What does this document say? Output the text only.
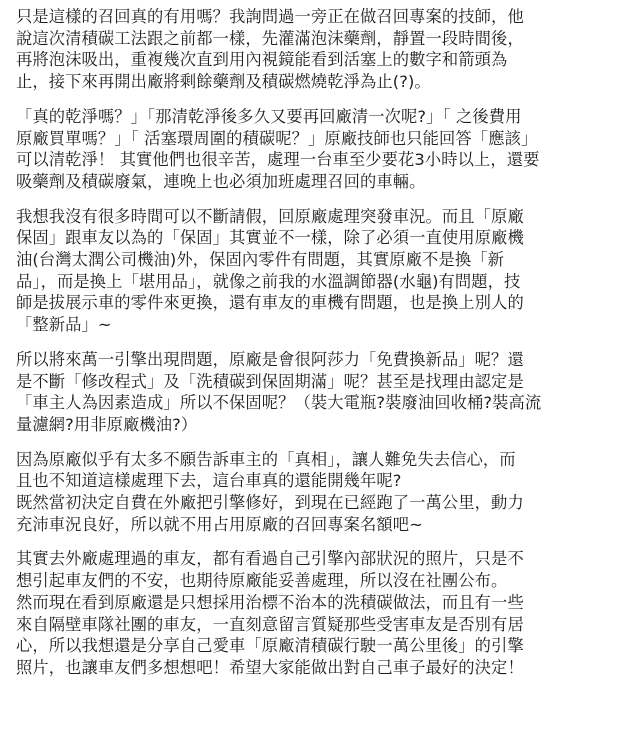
只是這樣的召回真的有用嗎？我詢問過一旁正在做召回專案的技師，他
說這次清積碳工法跟之前都一樣，先灌滿泡沫藥劑，靜置一段時間後，
再將泡沫吸出，重複幾次直到用內視鏡能看到活塞上的數字和箭頭為
止，接下來再開出廠將剩餘藥劑及積碳燃燒乾淨為止(?)。

「真的乾淨嗎？」「那清乾淨後多久又要再回廠清一次呢?」「 之後費用
原廠買單嗎？」「 活塞環周圍的積碳呢？」原廠技師也只能回答「應該」
可以清乾淨！ 其實他們也很辛苦，處理一台車至少要花3小時以上，還要
吸藥劑及積碳廢氣，連晚上也必須加班處理召回的車輛。

我想我沒有很多時間可以不斷請假，回原廠處理突發車況。而且「原廠
保固」跟車友以為的「保固」其實並不一樣，除了必須一直使用原廠機
油(台灣太潤公司機油)外，保固內零件有問題，其實原廠不是換「新
品」，而是換上「堪用品」，就像之前我的水溫調節器(水龜)有問題，技
師是拔展示車的零件來更換，還有車友的車機有問題，也是換上別人的
「整新品」~

所以將來萬一引擎出現問題，原廠是會很阿莎力「免費換新品」呢？還
是不斷「修改程式」及「洗積碳到保固期滿」呢？甚至是找理由認定是
「車主人為因素造成」所以不保固呢？（裝大電瓶?裝廢油回收桶?裝高流
量濾網?用非原廠機油?）

因為原廠似乎有太多不願告訴車主的「真相」，讓人難免失去信心，而
且也不知道這樣處理下去，這台車真的還能開幾年呢?
既然當初決定自費在外廠把引擎修好，到現在已經跑了一萬公里，動力
充沛車況良好，所以就不用占用原廠的召回專案名額吧~

其實去外廠處理過的車友，都有看過自己引擎內部狀況的照片，只是不
想引起車友們的不安，也期待原廠能妥善處理，所以沒在社團公布。
然而現在看到原廠還是只想採用治標不治本的洗積碳做法，而且有一些
來自隔壁車隊社團的車友，一直刻意留言質疑那些受害車友是否別有居
心，所以我想還是分享自己愛車「原廠清積碳行駛一萬公里後」的引擎
照片，也讓車友們多想想吧！希望大家能做出對自己車子最好的決定！
